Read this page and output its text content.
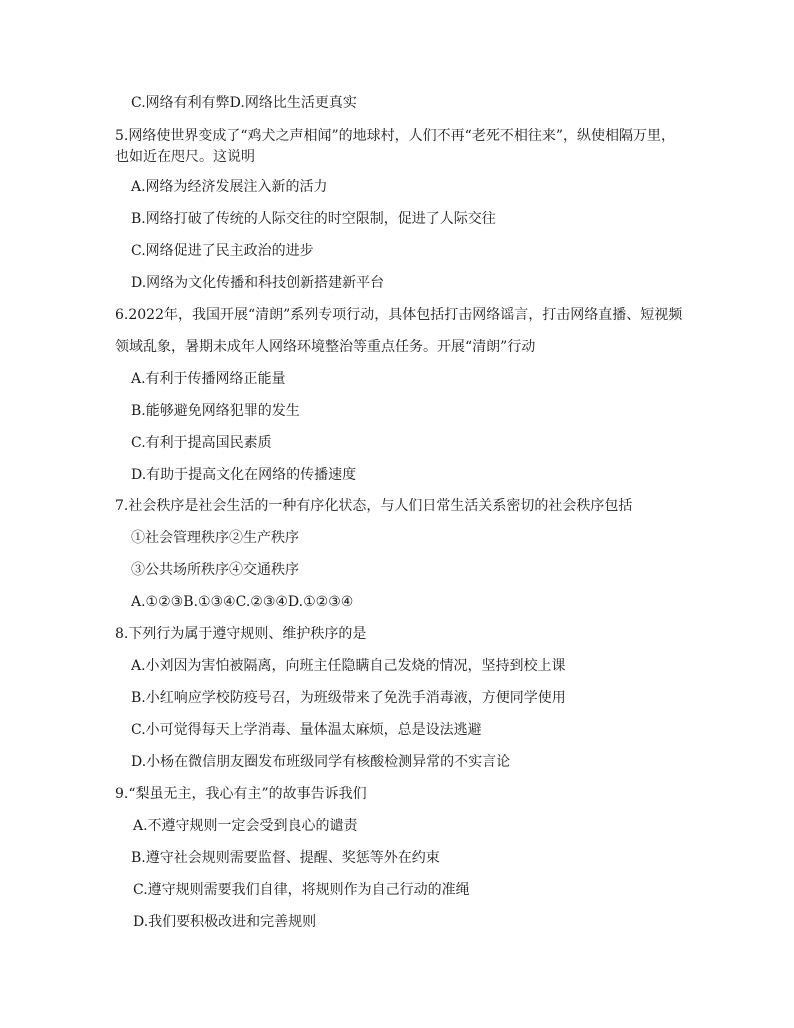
C.网络有利有弊D.网络比生活更真实
5.网络使世界变成了“鸡犬之声相闻”的地球村，人们不再“老死不相往来”，纵使相隔万里，
也如近在咫尺。这说明
A.网络为经济发展注入新的活力
B.网络打破了传统的人际交往的时空限制，促进了人际交往
C.网络促进了民主政治的进步
D.网络为文化传播和科技创新搭建新平台
6.2022年，我国开展“清朗”系列专项行动，具体包括打击网络谣言，打击网络直播、短视频
领域乱象，暑期未成年人网络环境整治等重点任务。开展“清朗”行动
A.有利于传播网络正能量
B.能够避免网络犯罪的发生
C.有利于提高国民素质
D.有助于提高文化在网络的传播速度
7.社会秩序是社会生活的一种有序化状态，与人们日常生活关系密切的社会秩序包括
①社会管理秩序②生产秩序
③公共场所秩序④交通秩序
A.①②③B.①③④C.②③④D.①②③④
8.下列行为属于遵守规则、维护秩序的是
A.小刘因为害怕被隔离，向班主任隐瞒自己发烧的情况，坚持到校上课
B.小红响应学校防疫号召，为班级带来了免洗手消毒液，方便同学使用
C.小可觉得每天上学消毒、量体温太麻烦，总是设法逃避
D.小杨在微信朋友圈发布班级同学有核酸检测异常的不实言论
9.“梨虽无主，我心有主”的故事告诉我们
A.不遵守规则一定会受到良心的谴责
B.遵守社会规则需要监督、提醒、奖惩等外在约束
C.遵守规则需要我们自律，将规则作为自己行动的准绳
D.我们要积极改进和完善规则
